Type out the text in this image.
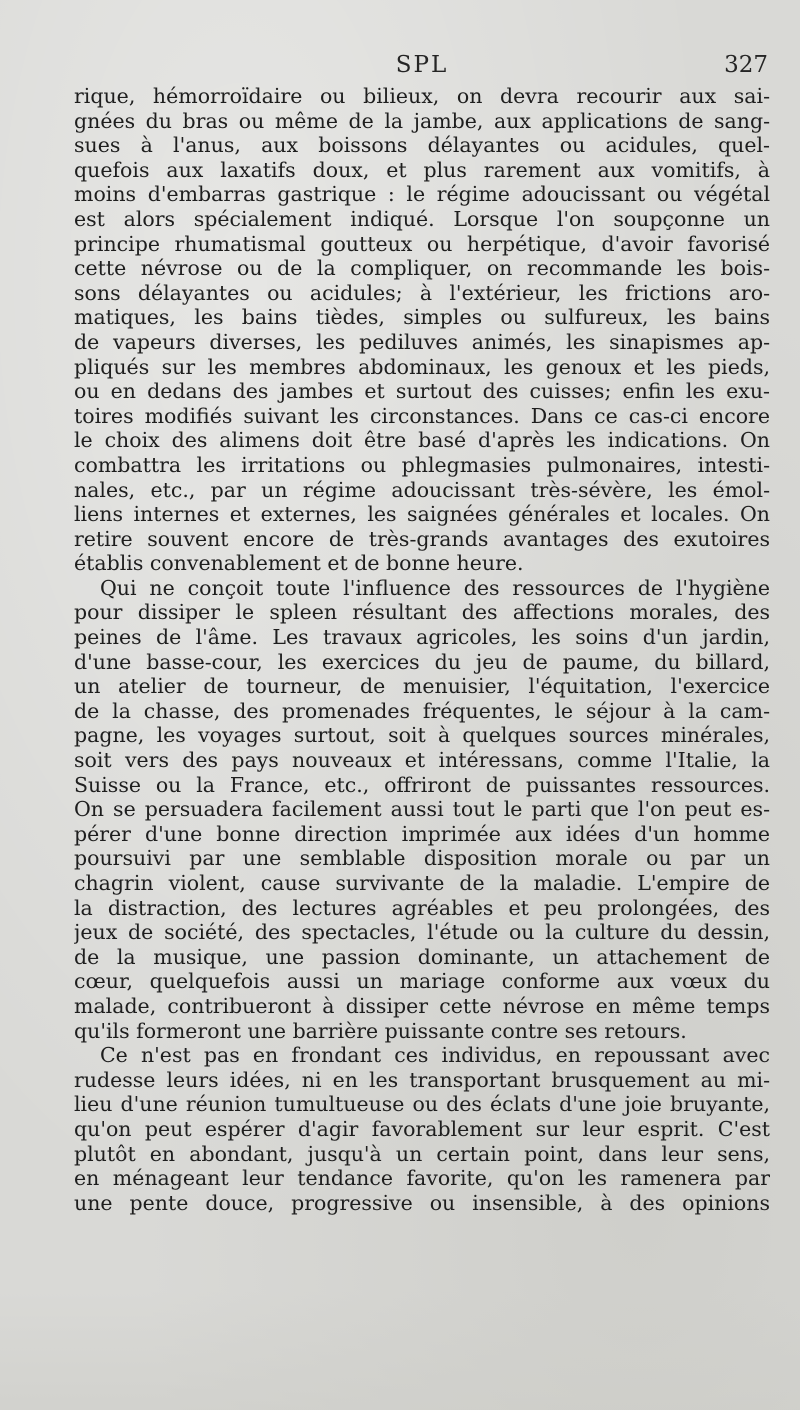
SPL	327
rique, hémorroïdaire ou bilieux, on devra recourir aux sai-
gnées du bras ou même de la jambe, aux applications de sang-
sues à l'anus, aux boissons délayantes ou acidules, quel-
quefois aux laxatifs doux, et plus rarement aux vomitifs, à
moins d'embarras gastrique : le régime adoucissant ou végétal
est alors spécialement indiqué. Lorsque l'on soupçonne un
principe rhumatismal goutteux ou herpétique, d'avoir favorisé
cette névrose ou de la compliquer, on recommande les bois-
sons délayantes ou acidules; à l'extérieur, les frictions aro-
matiques, les bains tièdes, simples ou sulfureux, les bains
de vapeurs diverses, les pediluves animés, les sinapismes ap-
pliqués sur les membres abdominaux, les genoux et les pieds,
ou en dedans des jambes et surtout des cuisses; enfin les exu-
toires modifiés suivant les circonstances. Dans ce cas-ci encore
le choix des alimens doit être basé d'après les indications. On
combattra les irritations ou phlegmasies pulmonaires, intesti-
nales, etc., par un régime adoucissant très-sévère, les émol-
liens internes et externes, les saignées générales et locales. On
retire souvent encore de très-grands avantages des exutoires
établis convenablement et de bonne heure.
Qui ne conçoit toute l'influence des ressources de l'hygiène
pour dissiper le spleen résultant des affections morales, des
peines de l'âme. Les travaux agricoles, les soins d'un jardin,
d'une basse-cour, les exercices du jeu de paume, du billard,
un atelier de tourneur, de menuisier, l'équitation, l'exercice
de la chasse, des promenades fréquentes, le séjour à la cam-
pagne, les voyages surtout, soit à quelques sources minérales,
soit vers des pays nouveaux et intéressans, comme l'Italie, la
Suisse ou la France, etc., offriront de puissantes ressources.
On se persuadera facilement aussi tout le parti que l'on peut es-
pérer d'une bonne direction imprimée aux idées d'un homme
poursuivi par une semblable disposition morale ou par un
chagrin violent, cause survivante de la maladie. L'empire de
la distraction, des lectures agréables et peu prolongées, des
jeux de société, des spectacles, l'étude ou la culture du dessin,
de la musique, une passion dominante, un attachement de
cœur, quelquefois aussi un mariage conforme aux vœux du
malade, contribueront à dissiper cette névrose en même temps
qu'ils formeront une barrière puissante contre ses retours.
Ce n'est pas en frondant ces individus, en repoussant avec
rudesse leurs idées, ni en les transportant brusquement au mi-
lieu d'une réunion tumultueuse ou des éclats d'une joie bruyante,
qu'on peut espérer d'agir favorablement sur leur esprit. C'est
plutôt en abondant, jusqu'à un certain point, dans leur sens,
en ménageant leur tendance favorite, qu'on les ramenera par
une pente douce, progressive ou insensible, à des opinions
